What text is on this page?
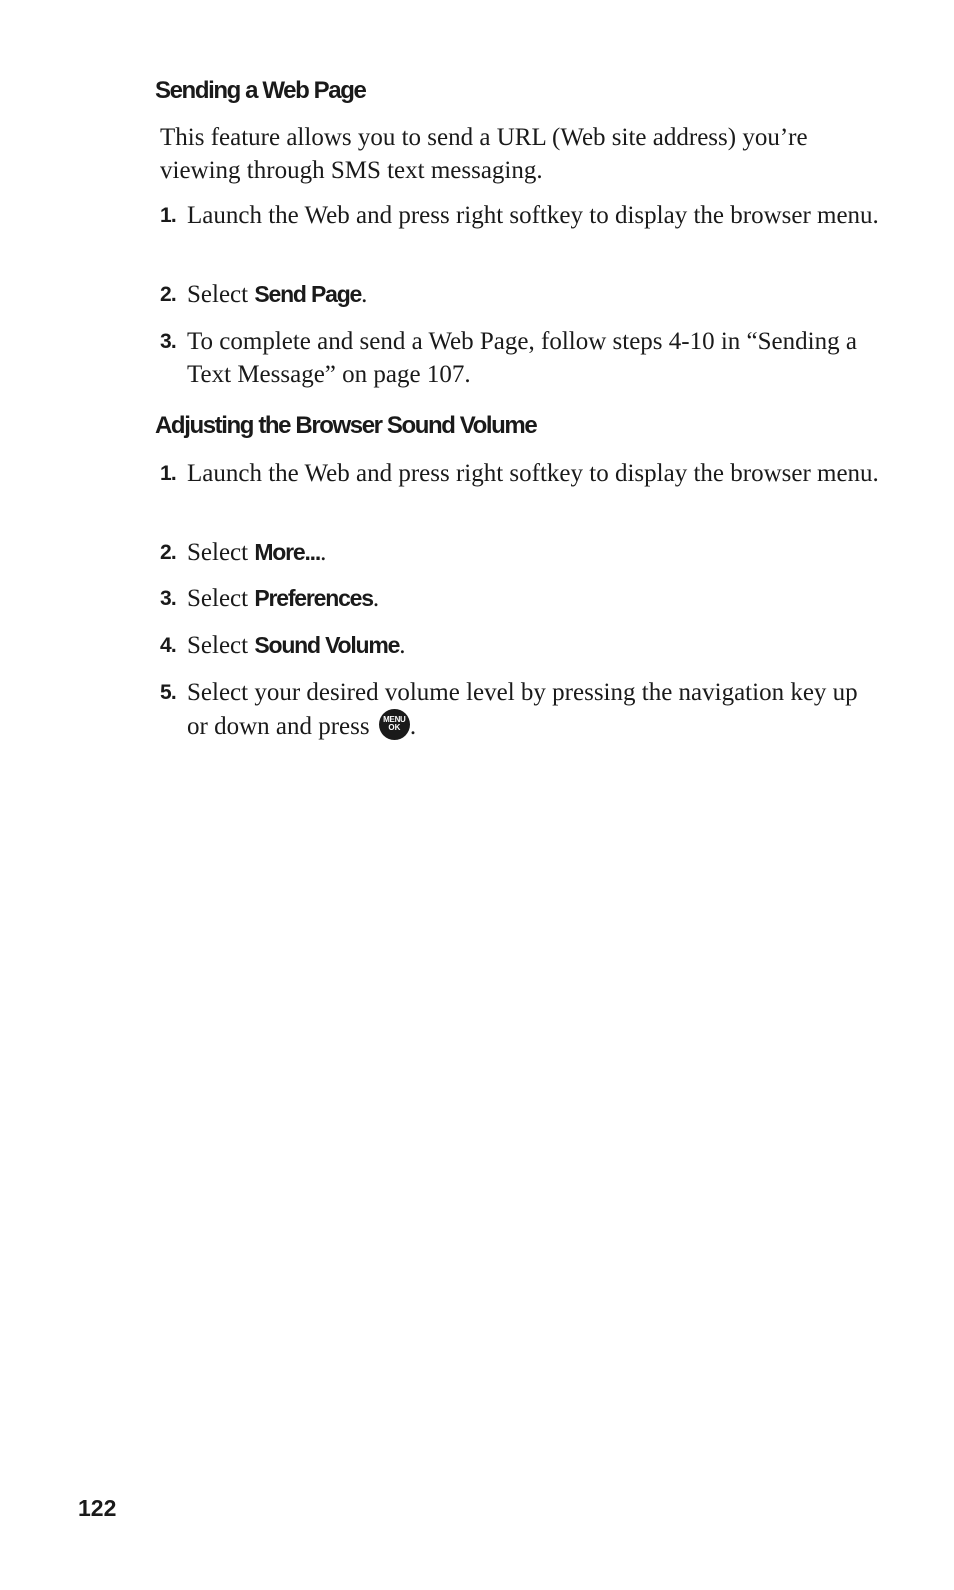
Sending a Web Page

This feature allows you to send a URL (Web site address) you’re viewing through SMS text messaging.

1. Launch the Web and press right softkey to display the browser menu.
2. Select Send Page.
3. To complete and send a Web Page, follow steps 4-10 in “Sending a Text Message” on page 107.
Adjusting the Browser Sound Volume
1. Launch the Web and press right softkey to display the browser menu.
2. Select More....
3. Select Preferences.
4. Select Sound Volume.
5. Select your desired volume level by pressing the navigation key up or down and press	MENU
OK .

122
